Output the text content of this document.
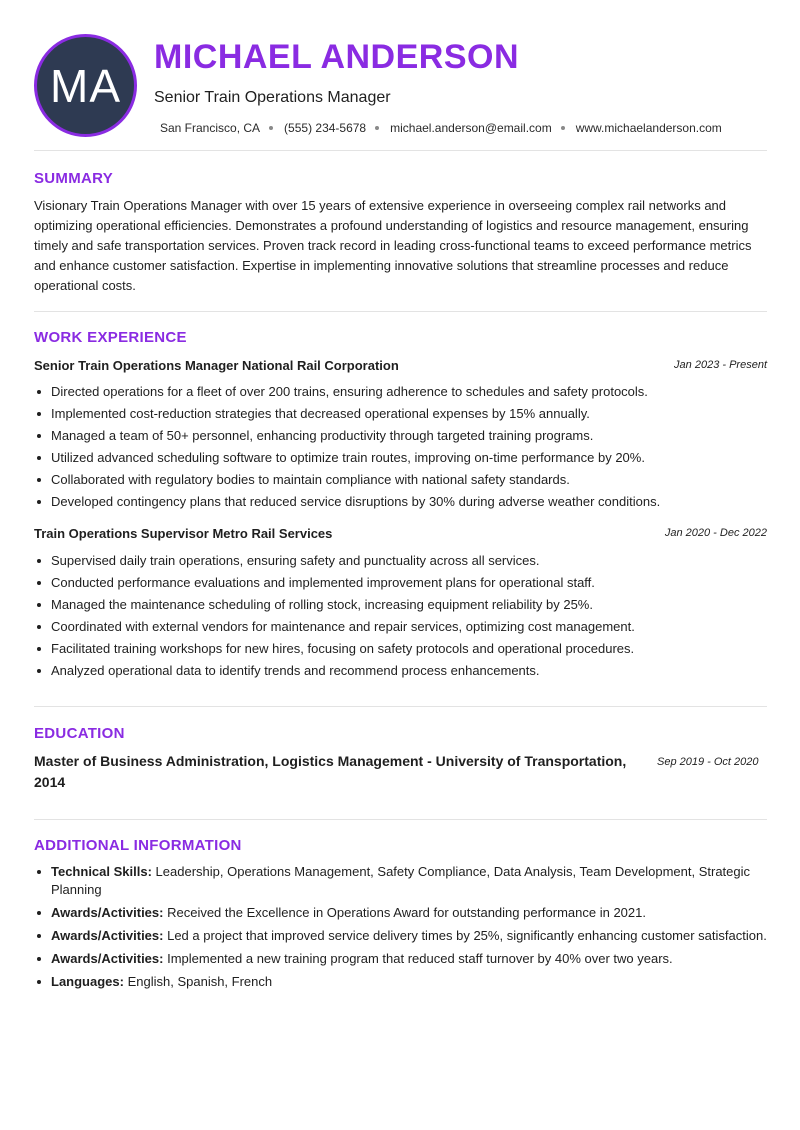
MA
MICHAEL ANDERSON
Senior Train Operations Manager
San Francisco, CA (555) 234-5678 michael.anderson@email.com www.michaelanderson.com
SUMMARY
Visionary Train Operations Manager with over 15 years of extensive experience in overseeing complex rail networks and optimizing operational efficiencies. Demonstrates a profound understanding of logistics and resource management, ensuring timely and safe transportation services. Proven track record in leading cross-functional teams to exceed performance metrics and enhance customer satisfaction. Expertise in implementing innovative solutions that streamline processes and reduce operational costs.
WORK EXPERIENCE
Senior Train Operations Manager National Rail Corporation	Jan 2023 - Present
Directed operations for a fleet of over 200 trains, ensuring adherence to schedules and safety protocols.
Implemented cost-reduction strategies that decreased operational expenses by 15% annually.
Managed a team of 50+ personnel, enhancing productivity through targeted training programs.
Utilized advanced scheduling software to optimize train routes, improving on-time performance by 20%.
Collaborated with regulatory bodies to maintain compliance with national safety standards.
Developed contingency plans that reduced service disruptions by 30% during adverse weather conditions.
Train Operations Supervisor Metro Rail Services	Jan 2020 - Dec 2022
Supervised daily train operations, ensuring safety and punctuality across all services.
Conducted performance evaluations and implemented improvement plans for operational staff.
Managed the maintenance scheduling of rolling stock, increasing equipment reliability by 25%.
Coordinated with external vendors for maintenance and repair services, optimizing cost management.
Facilitated training workshops for new hires, focusing on safety protocols and operational procedures.
Analyzed operational data to identify trends and recommend process enhancements.
EDUCATION
Master of Business Administration, Logistics Management - University of Transportation, 2014
Sep 2019 - Oct 2020
ADDITIONAL INFORMATION
Technical Skills: Leadership, Operations Management, Safety Compliance, Data Analysis, Team Development, Strategic Planning
Awards/Activities: Received the Excellence in Operations Award for outstanding performance in 2021.
Awards/Activities: Led a project that improved service delivery times by 25%, significantly enhancing customer satisfaction.
Awards/Activities: Implemented a new training program that reduced staff turnover by 40% over two years.
Languages: English, Spanish, French
